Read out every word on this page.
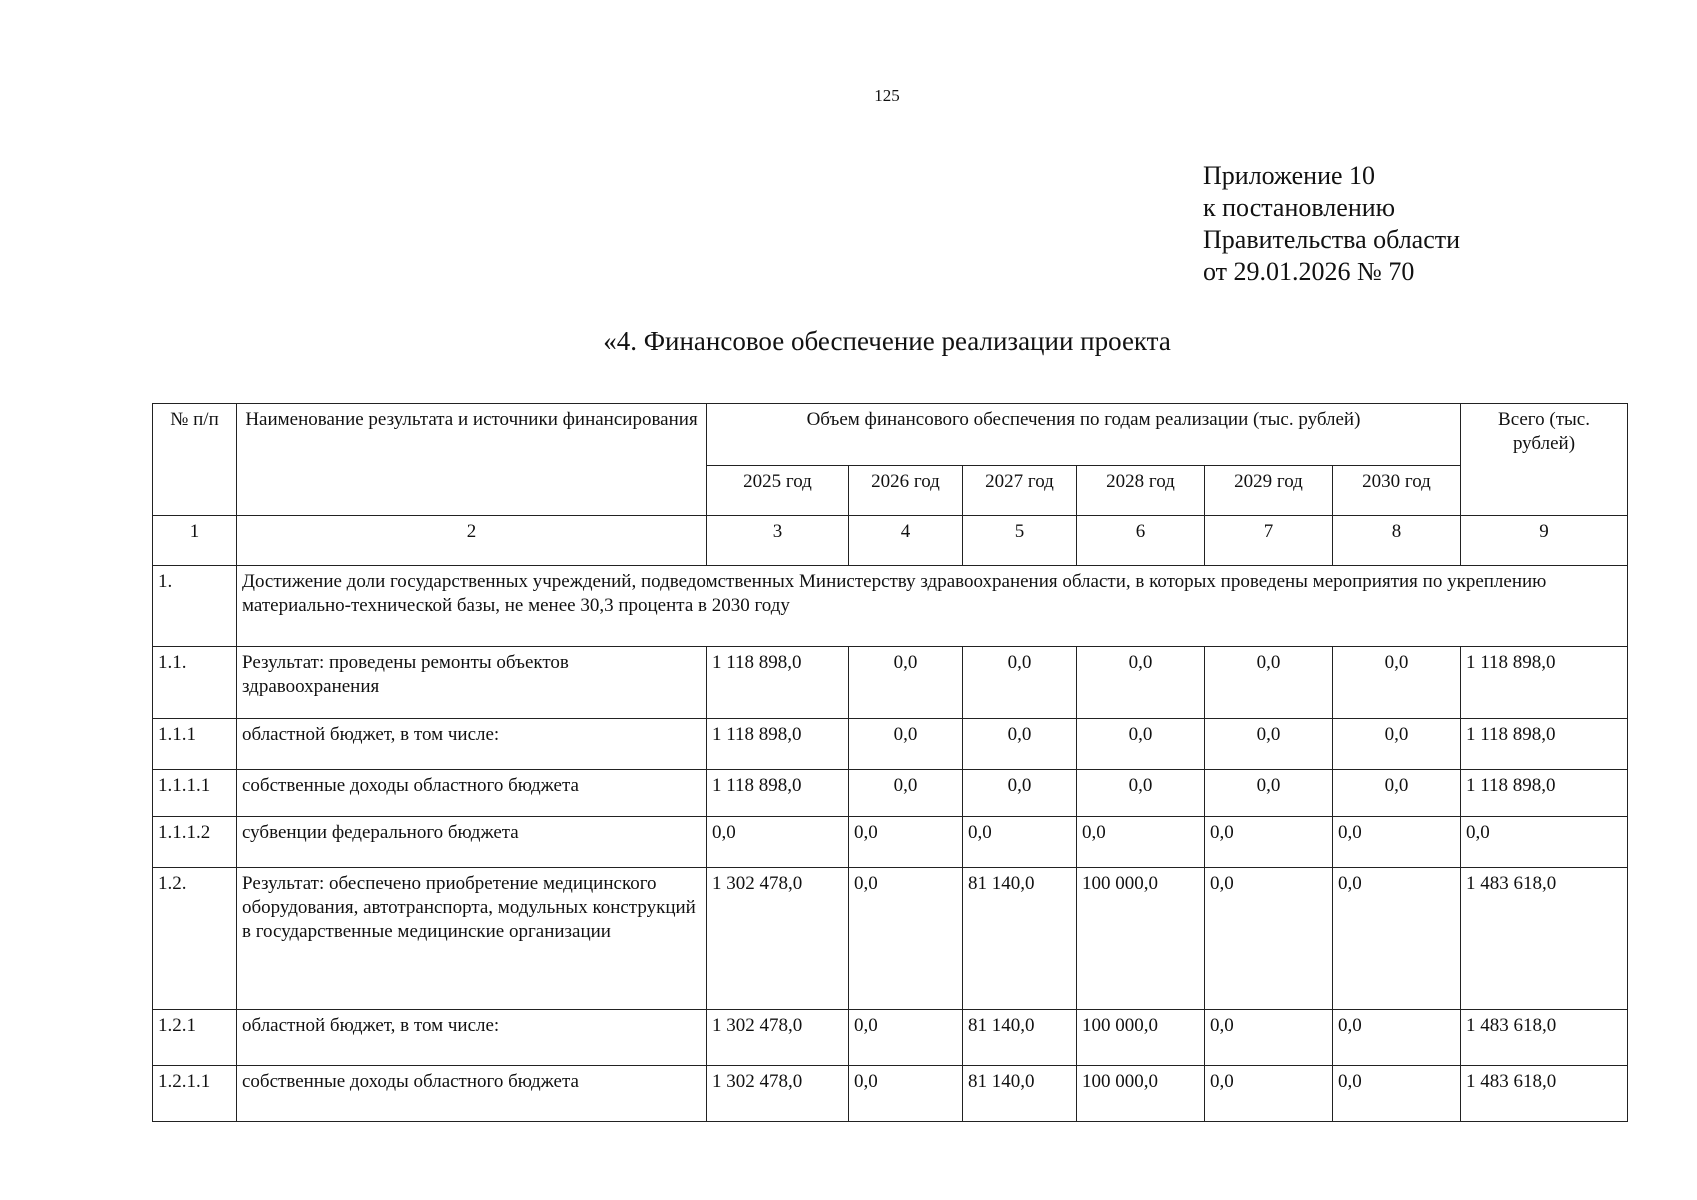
125
Приложение 10
к постановлению
Правительства области
от 29.01.2026 № 70
«4. Финансовое обеспечение реализации проекта
№ п/п	Наименование результата и источники финансирования	Объем финансового обеспечения по годам реализации (тыс. рублей)						Всего (тыс. рублей)
		2025 год	2026 год	2027 год	2028 год	2029 год	2030 год	
1	2	3	4	5	6	7	8	9
1.	Достижение доли государственных учреждений, подведомственных Министерству здравоохранения области, в которых проведены мероприятия по укреплению материально-технической базы, не менее 30,3 процента в 2030 году							
1.1.	Результат: проведены ремонты объектов здравоохранения	1 118 898,0	0,0	0,0	0,0	0,0	0,0	1 118 898,0
1.1.1	областной бюджет, в том числе:	1 118 898,0	0,0	0,0	0,0	0,0	0,0	1 118 898,0
1.1.1.1	собственные доходы областного бюджета	1 118 898,0	0,0	0,0	0,0	0,0	0,0	1 118 898,0
1.1.1.2	субвенции федерального бюджета	0,0	0,0	0,0	0,0	0,0	0,0	0,0
1.2.	Результат: обеспечено приобретение медицинского оборудования, автотранспорта, модульных конструкций в государственные медицинские организации	1 302 478,0	0,0	81 140,0	100 000,0	0,0	0,0	1 483 618,0
1.2.1	областной бюджет, в том числе:	1 302 478,0	0,0	81 140,0	100 000,0	0,0	0,0	1 483 618,0
1.2.1.1	собственные доходы областного бюджета	1 302 478,0	0,0	81 140,0	100 000,0	0,0	0,0	1 483 618,0
